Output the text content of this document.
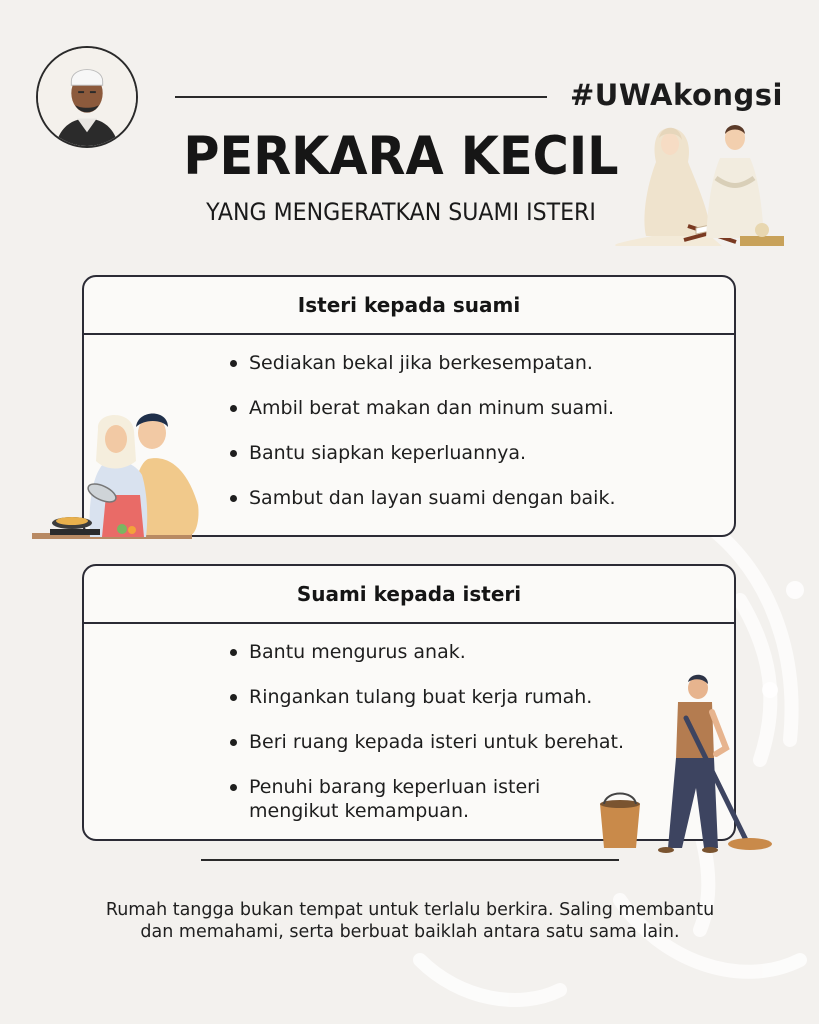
#UWAkongsi
PERKARA KECIL
YANG MENGERATKAN SUAMI ISTERI
Isteri kepada suami
Sediakan bekal jika berkesempatan.
Ambil berat makan dan minum suami.
Bantu siapkan keperluannya.
Sambut dan layan suami dengan baik.
Suami kepada isteri
Bantu mengurus anak.
Ringankan tulang buat kerja rumah.
Beri ruang kepada isteri untuk berehat.
Penuhi barang keperluan isteri mengikut kemampuan.
Rumah tangga bukan tempat untuk terlalu berkira. Saling membantu
dan memahami, serta berbuat baiklah antara satu sama lain.
